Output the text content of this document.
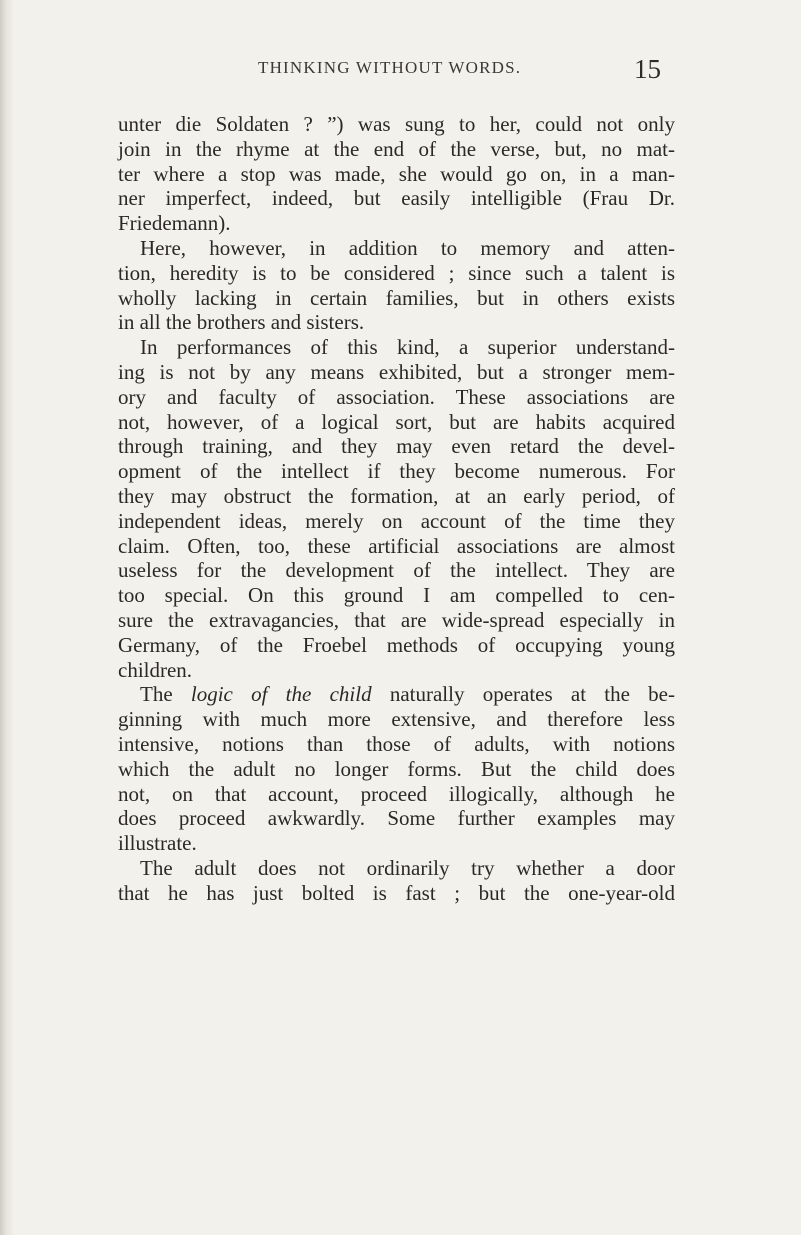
THINKING WITHOUT WORDS.	15
unter die Soldaten ? ”) was sung to her, could not only
join in the rhyme at the end of the verse, but, no mat-
ter where a stop was made, she would go on, in a man-
ner imperfect, indeed, but easily intelligible (Frau Dr.
Friedemann).
Here, however, in addition to memory and atten-
tion, heredity is to be considered ; since such a talent is
wholly lacking in certain families, but in others exists
in all the brothers and sisters.
In performances of this kind, a superior understand-
ing is not by any means exhibited, but a stronger mem-
ory and faculty of association. These associations are
not, however, of a logical sort, but are habits acquired
through training, and they may even retard the devel-
opment of the intellect if they become numerous. For
they may obstruct the formation, at an early period, of
independent ideas, merely on account of the time they
claim. Often, too, these artificial associations are almost
useless for the development of the intellect. They are
too special. On this ground I am compelled to cen-
sure the extravagancies, that are wide-spread especially in
Germany, of the Froebel methods of occupying young
children.
The logic of the child naturally operates at the be-
ginning with much more extensive, and therefore less
intensive, notions than those of adults, with notions
which the adult no longer forms. But the child does
not, on that account, proceed illogically, although he
does proceed awkwardly. Some further examples may
illustrate.
The adult does not ordinarily try whether a door
that he has just bolted is fast ; but the one-year-old
